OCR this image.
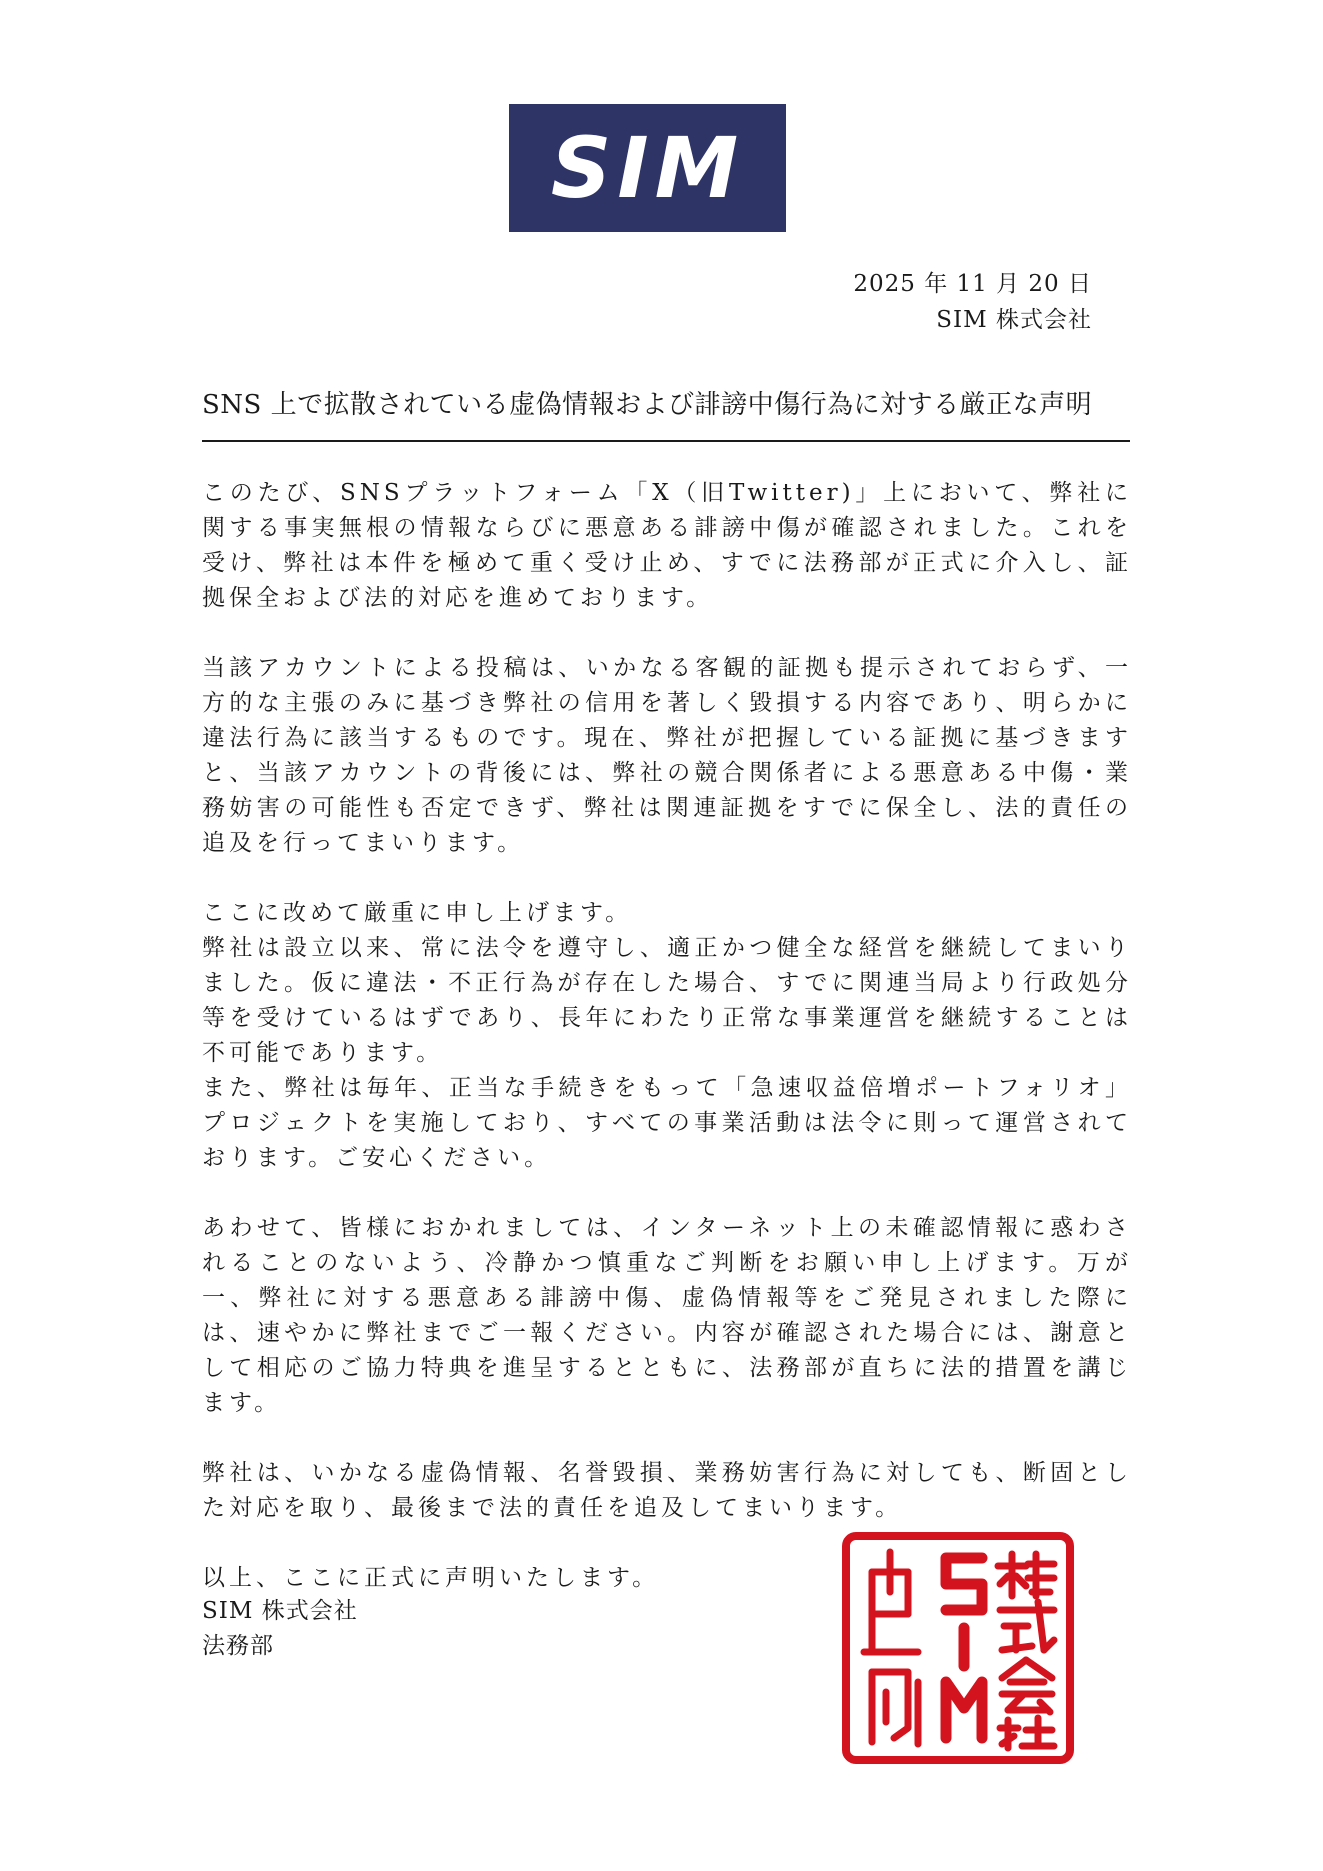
SIM
2025 年 11 月 20 日
SIM 株式会社
SNS 上で拡散されている虚偽情報および誹謗中傷行為に対する厳正な声明

このたび、SNSプラットフォーム「X（旧Twitter)」上において、弊社に関する事実無根の情報ならびに悪意ある誹謗中傷が確認されました。これを受け、弊社は本件を極めて重く受け止め、すでに法務部が正式に介入し、証拠保全および法的対応を進めております。

当該アカウントによる投稿は、いかなる客観的証拠も提示されておらず、一方的な主張のみに基づき弊社の信用を著しく毀損する内容であり、明らかに違法行為に該当するものです。現在、弊社が把握している証拠に基づきますと、当該アカウントの背後には、弊社の競合関係者による悪意ある中傷・業務妨害の可能性も否定できず、弊社は関連証拠をすでに保全し、法的責任の追及を行ってまいります。

ここに改めて厳重に申し上げます。

弊社は設立以来、常に法令を遵守し、適正かつ健全な経営を継続してまいりました。仮に違法・不正行為が存在した場合、すでに関連当局より行政処分等を受けているはずであり、長年にわたり正常な事業運営を継続することは不可能であります。

また、弊社は毎年、正当な手続きをもって「急速収益倍増ポートフォリオ」プロジェクトを実施しており、すべての事業活動は法令に則って運営されております。ご安心ください。

あわせて、皆様におかれましては、インターネット上の未確認情報に惑わされることのないよう、冷静かつ慎重なご判断をお願い申し上げます。万が一、弊社に対する悪意ある誹謗中傷、虚偽情報等をご発見されました際には、速やかに弊社までご一報ください。内容が確認された場合には、謝意として相応のご協力特典を進呈するとともに、法務部が直ちに法的措置を講じます。

弊社は、いかなる虚偽情報、名誉毀損、業務妨害行為に対しても、断固とした対応を取り、最後まで法的責任を追及してまいります。

以上、ここに正式に声明いたします。

SIM 株式会社
法務部
